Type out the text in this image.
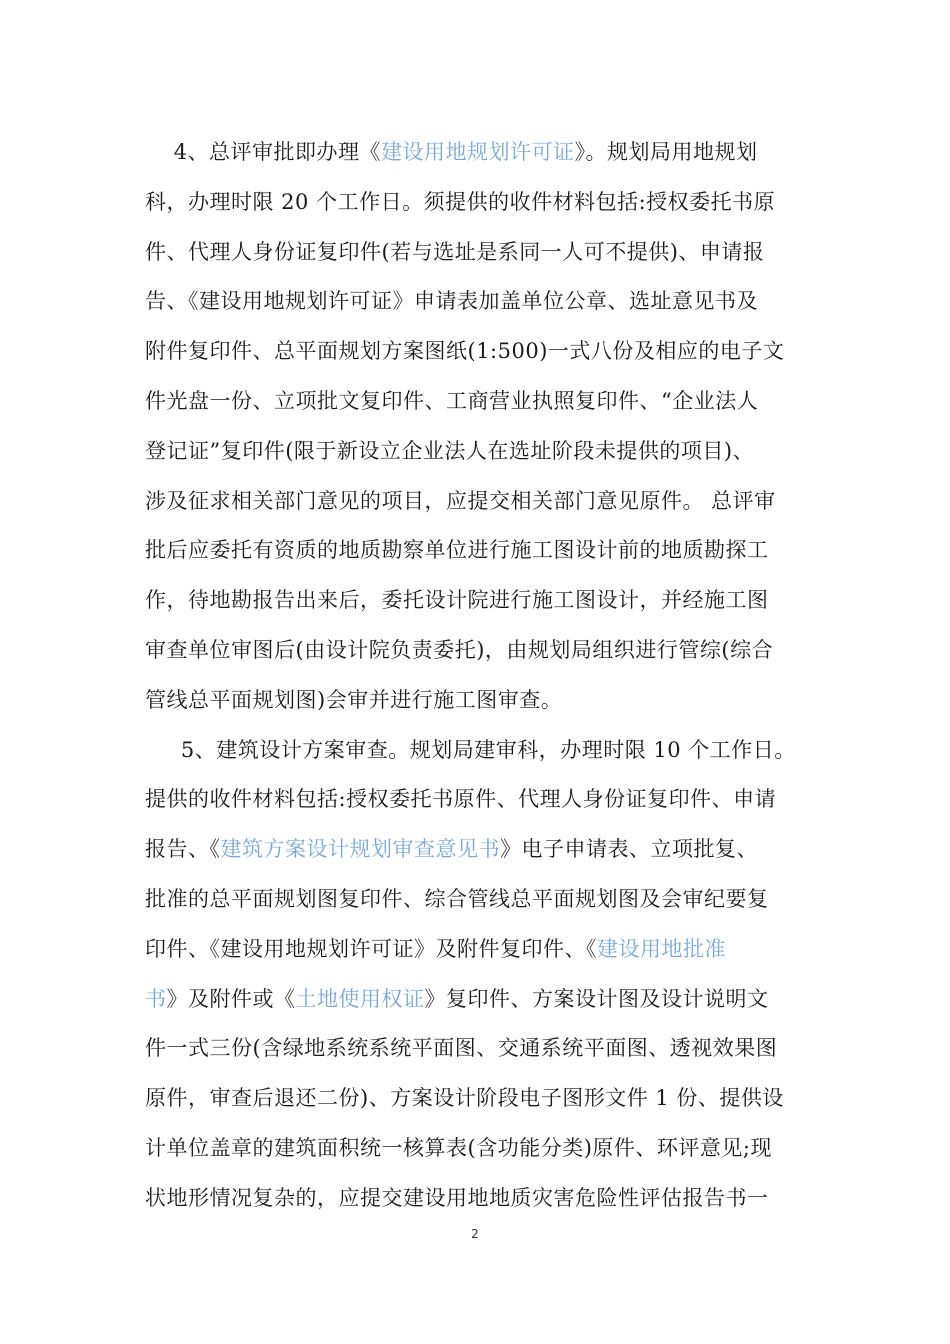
4、总评审批即办理《建设用地规划许可证》。规划局用地规划
科，办理时限 20 个工作日。须提供的收件材料包括:授权委托书原
件、代理人身份证复印件(若与选址是系同一人可不提供)、申请报
告、《建设用地规划许可证》申请表加盖单位公章、选址意见书及
附件复印件、总平面规划方案图纸(1:500)一式八份及相应的电子文
件光盘一份、立项批文复印件、工商营业执照复印件、“企业法人
登记证”复印件(限于新设立企业法人在选址阶段未提供的项目)、
涉及征求相关部门意见的项目，应提交相关部门意见原件。 总评审
批后应委托有资质的地质勘察单位进行施工图设计前的地质勘探工
作，待地勘报告出来后，委托设计院进行施工图设计，并经施工图
审查单位审图后(由设计院负责委托)，由规划局组织进行管综(综合
管线总平面规划图)会审并进行施工图审查。
5、建筑设计方案审查。规划局建审科，办理时限 10 个工作日。
提供的收件材料包括:授权委托书原件、代理人身份证复印件、申请
报告、《建筑方案设计规划审查意见书》电子申请表、立项批复、
批准的总平面规划图复印件、综合管线总平面规划图及会审纪要复
印件、《建设用地规划许可证》及附件复印件、《建设用地批准
书》及附件或《土地使用权证》复印件、方案设计图及设计说明文
件一式三份(含绿地系统系统平面图、交通系统平面图、透视效果图
原件，审查后退还二份)、方案设计阶段电子图形文件 1 份、提供设
计单位盖章的建筑面积统一核算表(含功能分类)原件、环评意见;现
状地形情况复杂的，应提交建设用地地质灾害危险性评估报告书一
2
